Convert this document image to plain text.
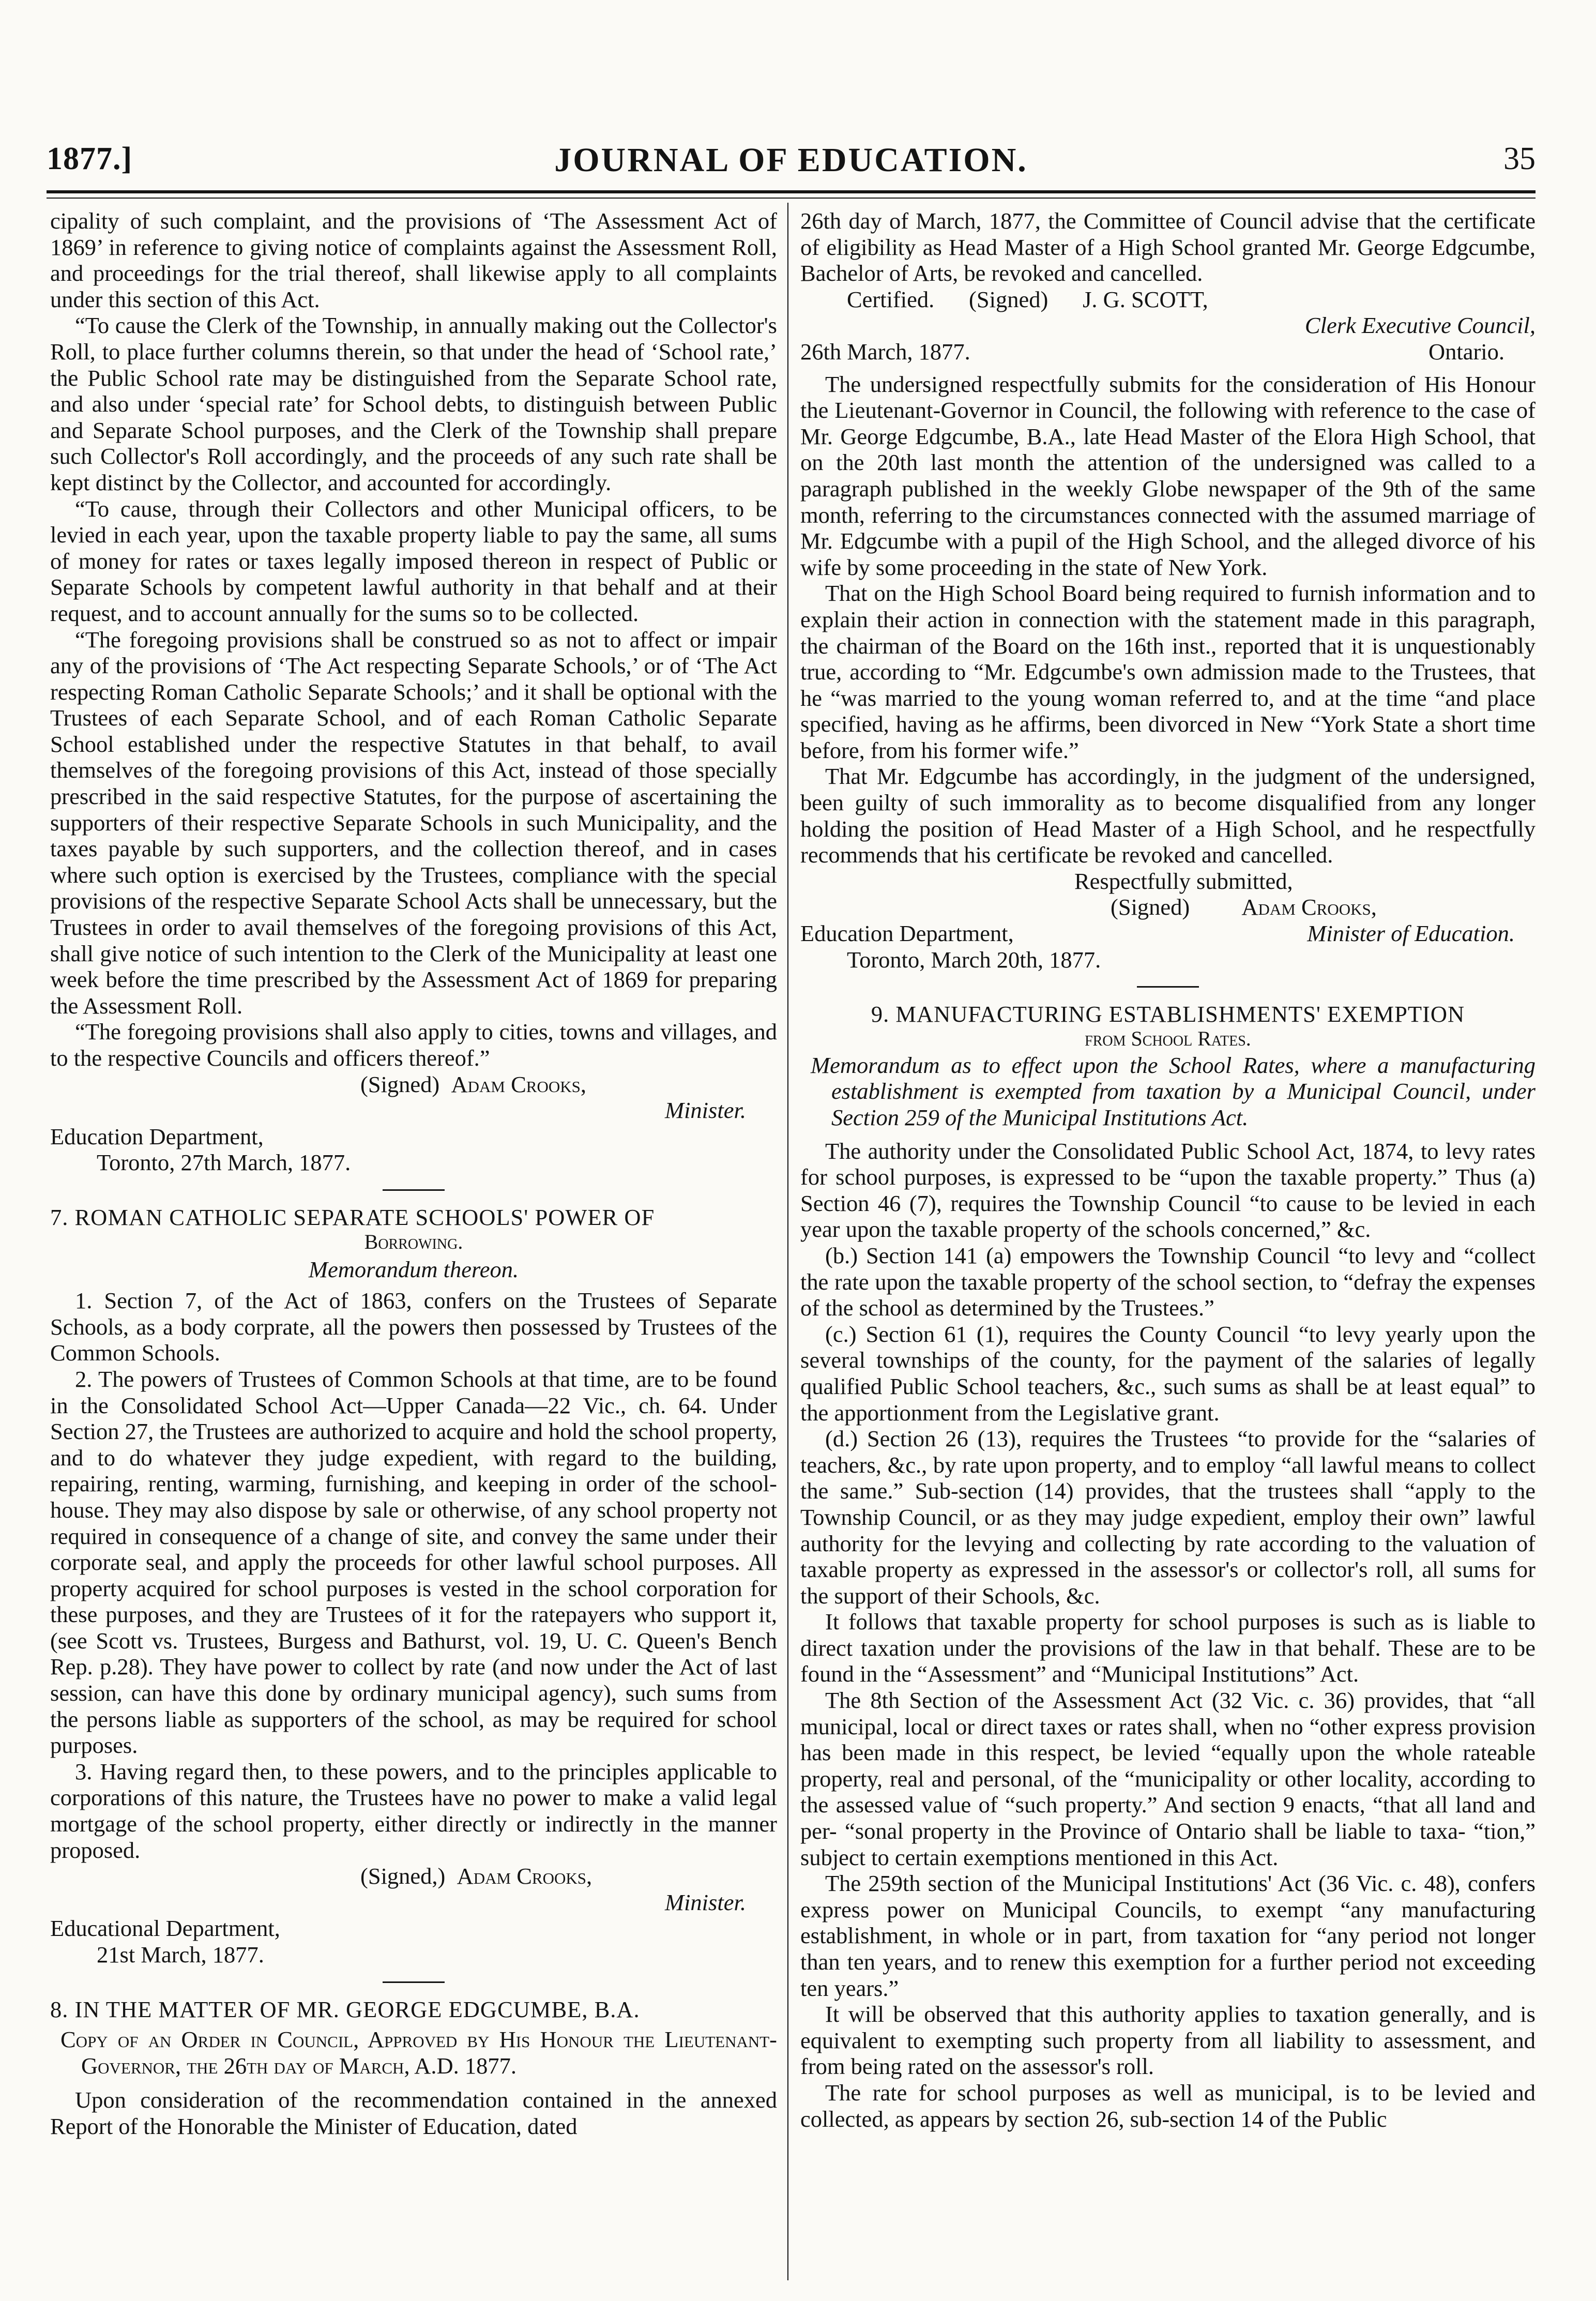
1877.]	JOURNAL OF EDUCATION.	35

cipality of such complaint, and the provisions of ‘The Assessment Act of 1869’ in reference to giving notice of complaints against the Assessment Roll, and proceedings for the trial thereof, shall likewise apply to all complaints under this section of this Act.

“To cause the Clerk of the Township, in annually making out the Collector's Roll, to place further columns therein, so that under the head of ‘School rate,’ the Public School rate may be distinguished from the Separate School rate, and also under ‘special rate’ for School debts, to distinguish between Public and Separate School purposes, and the Clerk of the Township shall prepare such Collector's Roll accordingly, and the proceeds of any such rate shall be kept distinct by the Collector, and accounted for accordingly.

“To cause, through their Collectors and other Municipal officers, to be levied in each year, upon the taxable property liable to pay the same, all sums of money for rates or taxes legally imposed thereon in respect of Public or Separate Schools by competent lawful authority in that behalf and at their request, and to account annually for the sums so to be collected.

“The foregoing provisions shall be construed so as not to affect or impair any of the provisions of ‘The Act respecting Separate Schools,’ or of ‘The Act respecting Roman Catholic Separate Schools;’ and it shall be optional with the Trustees of each Separate School, and of each Roman Catholic Separate School established under the respective Statutes in that behalf, to avail themselves of the foregoing provisions of this Act, instead of those specially prescribed in the said respective Statutes, for the purpose of ascertaining the supporters of their respective Separate Schools in such Municipality, and the taxes payable by such supporters, and the collection thereof, and in cases where such option is exercised by the Trustees, compliance with the special provisions of the respective Separate School Acts shall be unnecessary, but the Trustees in order to avail themselves of the foregoing provisions of this Act, shall give notice of such intention to the Clerk of the Municipality at least one week before the time prescribed by the Assessment Act of 1869 for preparing the Assessment Roll.

“The foregoing provisions shall also apply to cities, towns and villages, and to the respective Councils and officers thereof.”

(Signed) Adam Crooks,

Minister.

Education Department,

Toronto, 27th March, 1877.

7. ROMAN CATHOLIC SEPARATE SCHOOLS' POWER OF

Borrowing.

Memorandum thereon.

1. Section 7, of the Act of 1863, confers on the Trustees of Separate Schools, as a body corprate, all the powers then possessed by Trustees of the Common Schools.

2. The powers of Trustees of Common Schools at that time, are to be found in the Consolidated School Act—Upper Canada—22 Vic., ch. 64. Under Section 27, the Trustees are authorized to acquire and hold the school property, and to do whatever they judge expedient, with regard to the building, repairing, renting, warming, furnishing, and keeping in order of the school-house. They may also dispose by sale or otherwise, of any school property not required in consequence of a change of site, and convey the same under their corporate seal, and apply the proceeds for other lawful school purposes. All property acquired for school purposes is vested in the school corporation for these purposes, and they are Trustees of it for the ratepayers who support it, (see Scott vs. Trustees, Burgess and Bathurst, vol. 19, U. C. Queen's Bench Rep. p.28). They have power to collect by rate (and now under the Act of last session, can have this done by ordinary municipal agency), such sums from the persons liable as supporters of the school, as may be required for school purposes.

3. Having regard then, to these powers, and to the principles applicable to corporations of this nature, the Trustees have no power to make a valid legal mortgage of the school property, either directly or indirectly in the manner proposed.

(Signed,) Adam Crooks,

Minister.

Educational Department,

21st March, 1877.

8. IN THE MATTER OF MR. GEORGE EDGCUMBE, B.A.

Copy of an Order in Council, Approved by His Honour the Lieutenant-Governor, the 26th day of March, A.D. 1877.

Upon consideration of the recommendation contained in the annexed Report of the Honorable the Minister of Education, dated

26th day of March, 1877, the Committee of Council advise that the certificate of eligibility as Head Master of a High School granted Mr. George Edgcumbe, Bachelor of Arts, be revoked and cancelled.

Certified. (Signed) J. G. SCOTT,

Clerk Executive Council,

26th March, 1877.	Ontario.

The undersigned respectfully submits for the consideration of His Honour the Lieutenant-Governor in Council, the following with reference to the case of Mr. George Edgcumbe, B.A., late Head Master of the Elora High School, that on the 20th last month the attention of the undersigned was called to a paragraph published in the weekly Globe newspaper of the 9th of the same month, referring to the circumstances connected with the assumed marriage of Mr. Edgcumbe with a pupil of the High School, and the alleged divorce of his wife by some proceeding in the state of New York.

That on the High School Board being required to furnish information and to explain their action in connection with the statement made in this paragraph, the chairman of the Board on the 16th inst., reported that it is unquestionably true, according to “Mr. Edgcumbe's own admission made to the Trustees, that he “was married to the young woman referred to, and at the time “and place specified, having as he affirms, been divorced in New “York State a short time before, from his former wife.”

That Mr. Edgcumbe has accordingly, in the judgment of the undersigned, been guilty of such immorality as to become disqualified from any longer holding the position of Head Master of a High School, and he respectfully recommends that his certificate be revoked and cancelled.

Respectfully submitted,

(Signed) Adam Crooks,

Education Department,	Minister of Education.

Toronto, March 20th, 1877.

9. MANUFACTURING ESTABLISHMENTS' EXEMPTION

from School Rates.

Memorandum as to effect upon the School Rates, where a manufacturing establishment is exempted from taxation by a Municipal Council, under Section 259 of the Municipal Institutions Act.

The authority under the Consolidated Public School Act, 1874, to levy rates for school purposes, is expressed to be “upon the taxable property.” Thus (a) Section 46 (7), requires the Township Council “to cause to be levied in each year upon the taxable property of the schools concerned,” &c.

(b.) Section 141 (a) empowers the Township Council “to levy and “collect the rate upon the taxable property of the school section, to “defray the expenses of the school as determined by the Trustees.”

(c.) Section 61 (1), requires the County Council “to levy yearly upon the several townships of the county, for the payment of the salaries of legally qualified Public School teachers, &c., such sums as shall be at least equal” to the apportionment from the Legislative grant.

(d.) Section 26 (13), requires the Trustees “to provide for the “salaries of teachers, &c., by rate upon property, and to employ “all lawful means to collect the same.” Sub-section (14) provides, that the trustees shall “apply to the Township Council, or as they may judge expedient, employ their own” lawful authority for the levying and collecting by rate according to the valuation of taxable property as expressed in the assessor's or collector's roll, all sums for the support of their Schools, &c.

It follows that taxable property for school purposes is such as is liable to direct taxation under the provisions of the law in that behalf. These are to be found in the “Assessment” and “Municipal Institutions” Act.

The 8th Section of the Assessment Act (32 Vic. c. 36) provides, that “all municipal, local or direct taxes or rates shall, when no “other express provision has been made in this respect, be levied “equally upon the whole rateable property, real and personal, of the “municipality or other locality, according to the assessed value of “such property.” And section 9 enacts, “that all land and per- “sonal property in the Province of Ontario shall be liable to taxa- “tion,” subject to certain exemptions mentioned in this Act.

The 259th section of the Municipal Institutions' Act (36 Vic. c. 48), confers express power on Municipal Councils, to exempt “any manufacturing establishment, in whole or in part, from taxation for “any period not longer than ten years, and to renew this exemption for a further period not exceeding ten years.”

It will be observed that this authority applies to taxation generally, and is equivalent to exempting such property from all liability to assessment, and from being rated on the assessor's roll.

The rate for school purposes as well as municipal, is to be levied and collected, as appears by section 26, sub-section 14 of the Public
